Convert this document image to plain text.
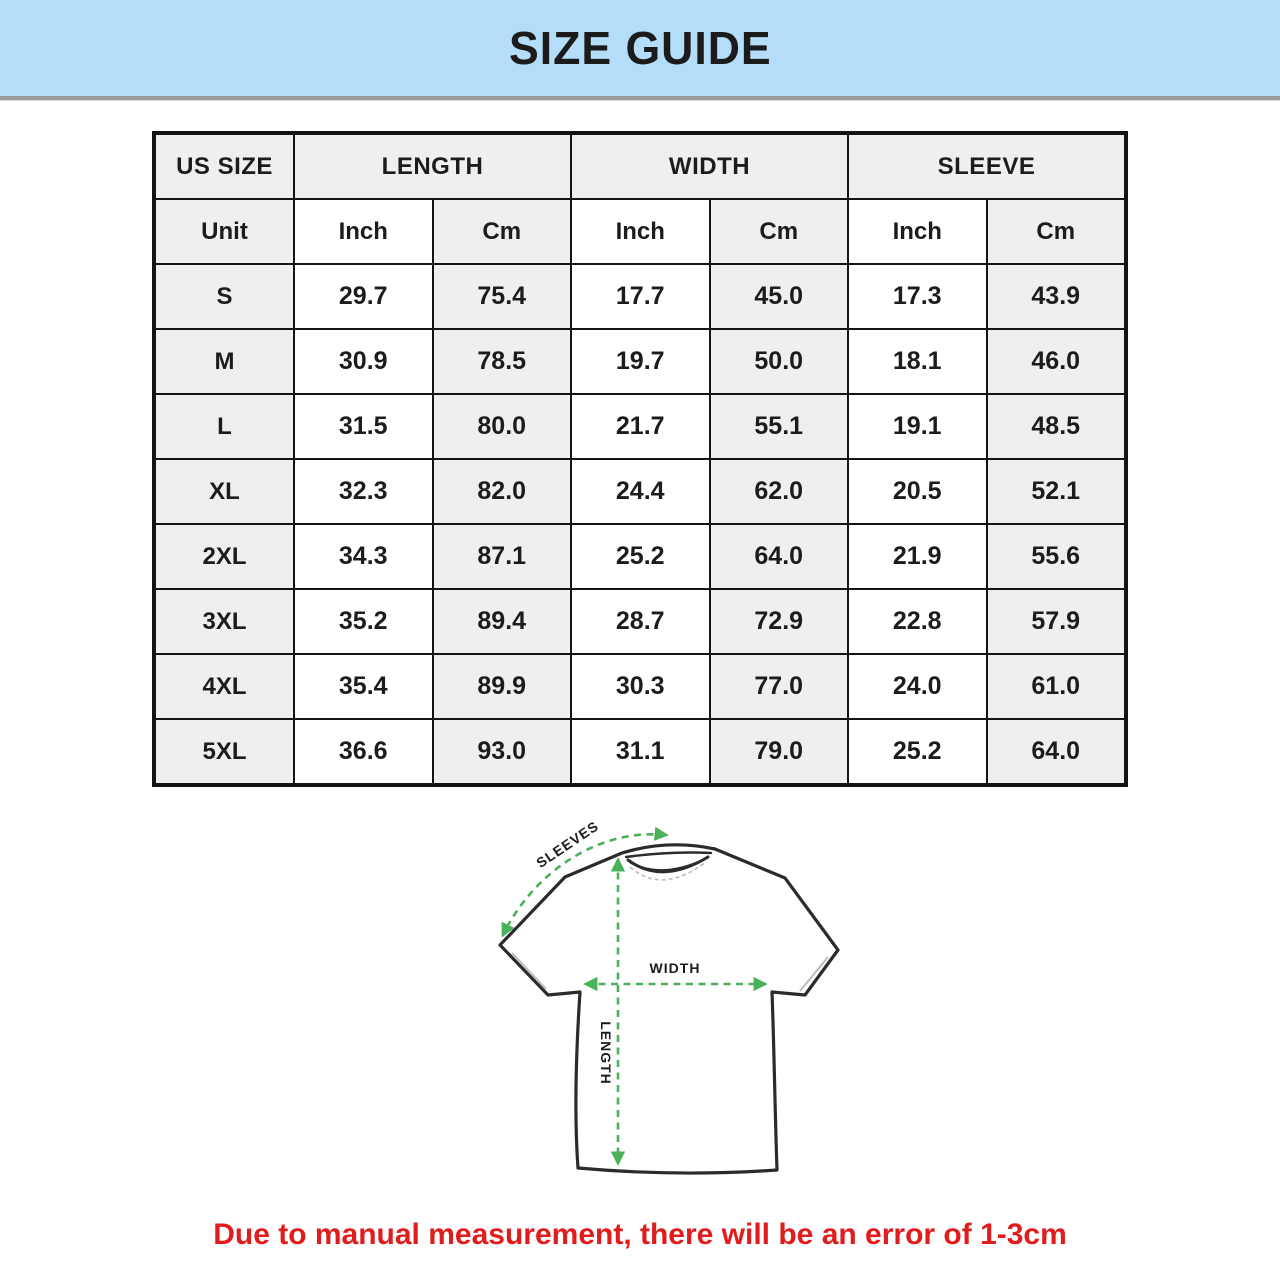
SIZE GUIDE
US SIZE	LENGTH	WIDTH	SLEEVE
Unit	Inch	Cm	Inch	Cm	Inch	Cm
S	29.7	75.4	17.7	45.0	17.3	43.9
M	30.9	78.5	19.7	50.0	18.1	46.0
L	31.5	80.0	21.7	55.1	19.1	48.5
XL	32.3	82.0	24.4	62.0	20.5	52.1
2XL	34.3	87.1	25.2	64.0	21.9	55.6
3XL	35.2	89.4	28.7	72.9	22.8	57.9
4XL	35.4	89.9	30.3	77.0	24.0	61.0
5XL	36.6	93.0	31.1	79.0	25.2	64.0
WIDTH
LENGTH
SLEEVES
Due to manual measurement, there will be an error of 1-3cm
